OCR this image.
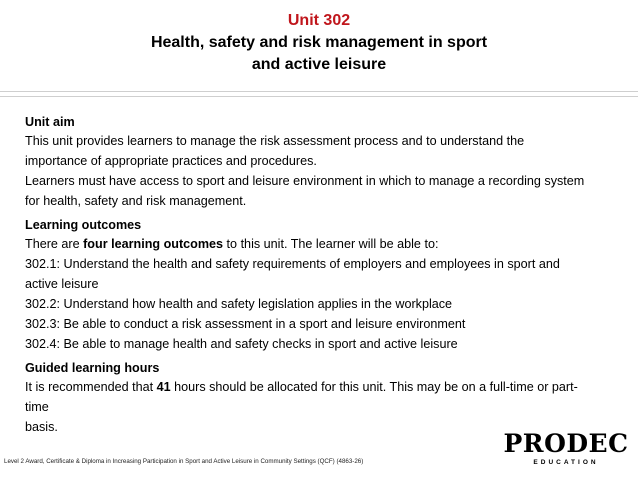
Unit 302
Health, safety and risk management in sport
and active leisure
Unit aim
This unit provides learners to manage the risk assessment process and to understand the
importance of appropriate practices and procedures.
Learners must have access to sport and leisure environment in which to manage a recording system
for health, safety and risk management.
Learning outcomes
There are four learning outcomes to this unit. The learner will be able to:
302.1: Understand the health and safety requirements of employers and employees in sport and
active leisure
302.2: Understand how health and safety legislation applies in the workplace
302.3: Be able to conduct a risk assessment in a sport and leisure environment
302.4: Be able to manage health and safety checks in sport and active leisure
Guided learning hours
It is recommended that 41 hours should be allocated for this unit. This may be on a full-time or part-
time
basis.
Level 2 Award, Certificate & Diploma in Increasing Participation in Sport and Active Leisure in Community Settings (QCF) (4863-26)
PRODEC
EDUCATION
